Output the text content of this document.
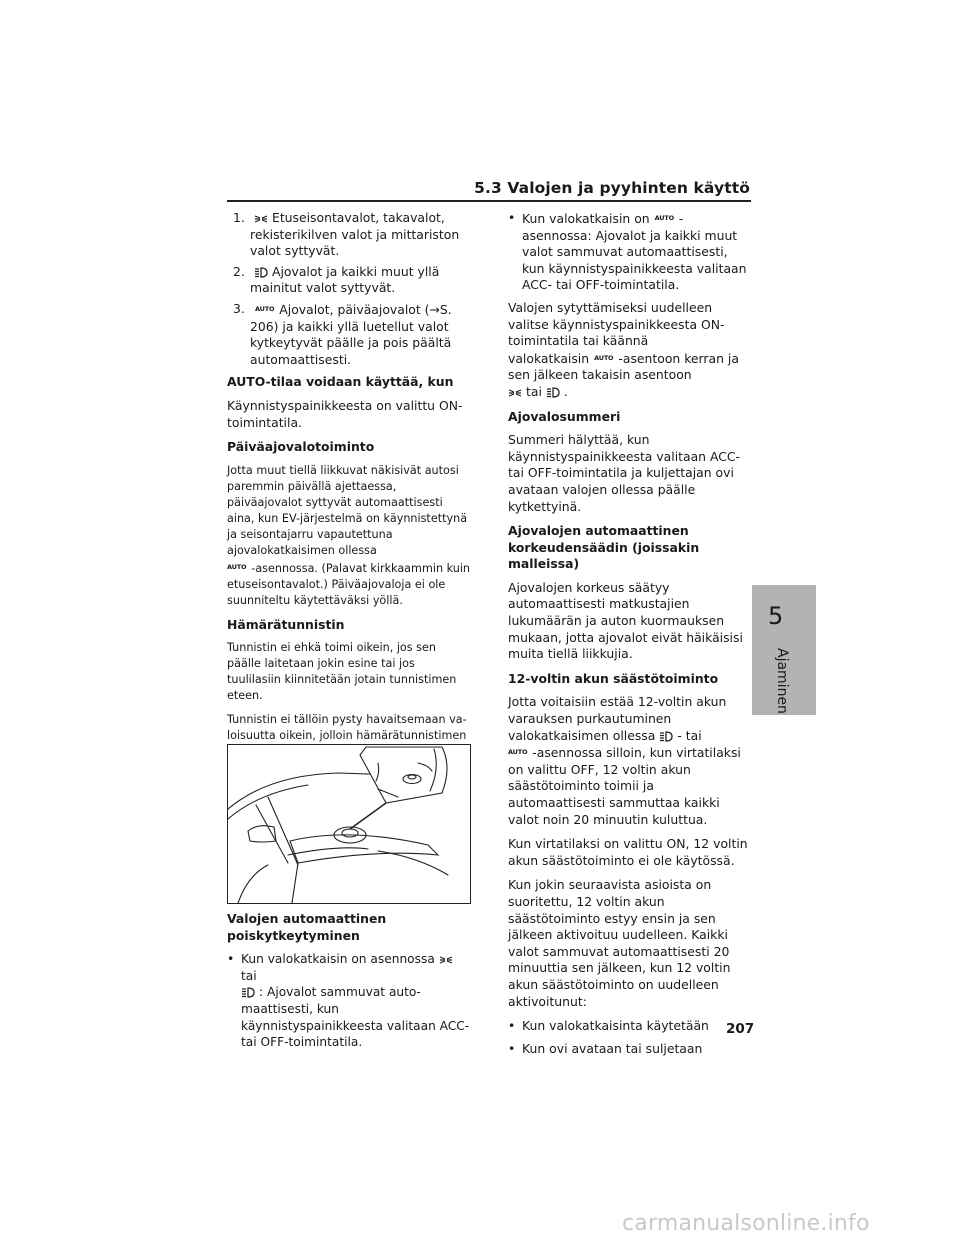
5.3 Valojen ja pyyhinten käyttö
1.	Etuseisontavalot, takavalot, rekisterikilven valot ja mittariston valot syttyvät.
2.	Ajovalot ja kaikki muut yllä mainitut valot syttyvät.
3.	$^{AUTO}$ Ajovalot, päiväajovalot (→S. 206) ja kaikki yllä luetellut valot kytkeytyvät päälle ja pois päältä automaattisesti.

AUTO-tilaa voidaan käyttää, kun

Käynnistyspainikkeesta on valittu ON-toimintatila.

Päiväajovalotoiminto

Jotta muut tiellä liikkuvat näkisivät autosi paremmin päivällä ajettaessa, päiväajovalot syttyvät automaattisesti aina, kun EV-järjestelmä on käynnistettynä ja seisontajarru vapautettuna ajovalokatkaisimen ollessa
$^{AUTO}$ -asennossa. (Palavat kirkkaammin kuin etuseisontavalot.) Päiväajovaloja ei ole suunniteltu käytettäväksi yöllä.

Hämärätunnistin

Tunnistin ei ehkä toimi oikein, jos sen päälle laitetaan jokin esine tai jos tuulilasiin kiinnitetään jotain tunnistimen eteen.

Tunnistin ei tällöin pysty havaitsemaan valoisuutta oikein, jolloin hämärätunnistimen

Valojen automaattinen poiskytkeytyminen

• Kun valokatkaisin on asennossatai
: Ajovalot sammuvat automaattisesti, kun käynnistyspainikkeesta valitaan ACC- tai OFF-toimintatila.
• Kun valokatkaisin on $^{AUTO}$ -asennossa: Ajovalot ja kaikki muut valot sammuvat automaattisesti, kun käynnistyspainikkeesta valitaan ACC- tai OFF-toimintatila.

Valojen sytyttämiseksi uudelleen valitse käynnistyspainikkeesta ON-toimintatila tai käännä valokatkaisin $^{AUTO}$ -asentoon kerran ja sen jälkeen takaisin asentoon
tai .

Ajovalosummeri

Summeri hälyttää, kun käynnistyspainikkeesta valitaan ACC- tai OFF-toimintatila ja kuljettajan ovi avataan valojen ollessa päälle kytkettyinä.

Ajovalojen automaattinen korkeudensäädin (joissakin malleissa)

Ajovalojen korkeus säätyy automaattisesti matkustajien lukumäärän ja auton kuormauksen mukaan, jotta ajovalot eivät häikäisisi muita tiellä liikkujia.

12-voltin akun säästötoiminto

Jotta voitaisiin estää 12-voltin akun varauksen purkautuminen valokatkaisimen ollessa - tai
$^{AUTO}$ -asennossa silloin, kun virtatilaksi on valittu OFF, 12 voltin akun säästötoiminto toimii ja automaattisesti sammuttaa kaikki valot noin 20 minuutin kuluttua.

Kun virtatilaksi on valittu ON, 12 voltin akun säästötoiminto ei ole käytössä.

Kun jokin seuraavista asioista on suoritettu, 12 voltin akun säästötoiminto estyy ensin ja sen jälkeen aktivoituu uudelleen. Kaikki valot sammuvat automaattisesti 20 minuuttia sen jälkeen, kun 12 voltin akun säästötoiminto on uudelleen aktivoitunut:

• Kun valokatkaisinta käytetään
• Kun ovi avataan tai suljetaan
5
Ajaminen
207
carmanualsonline.info
